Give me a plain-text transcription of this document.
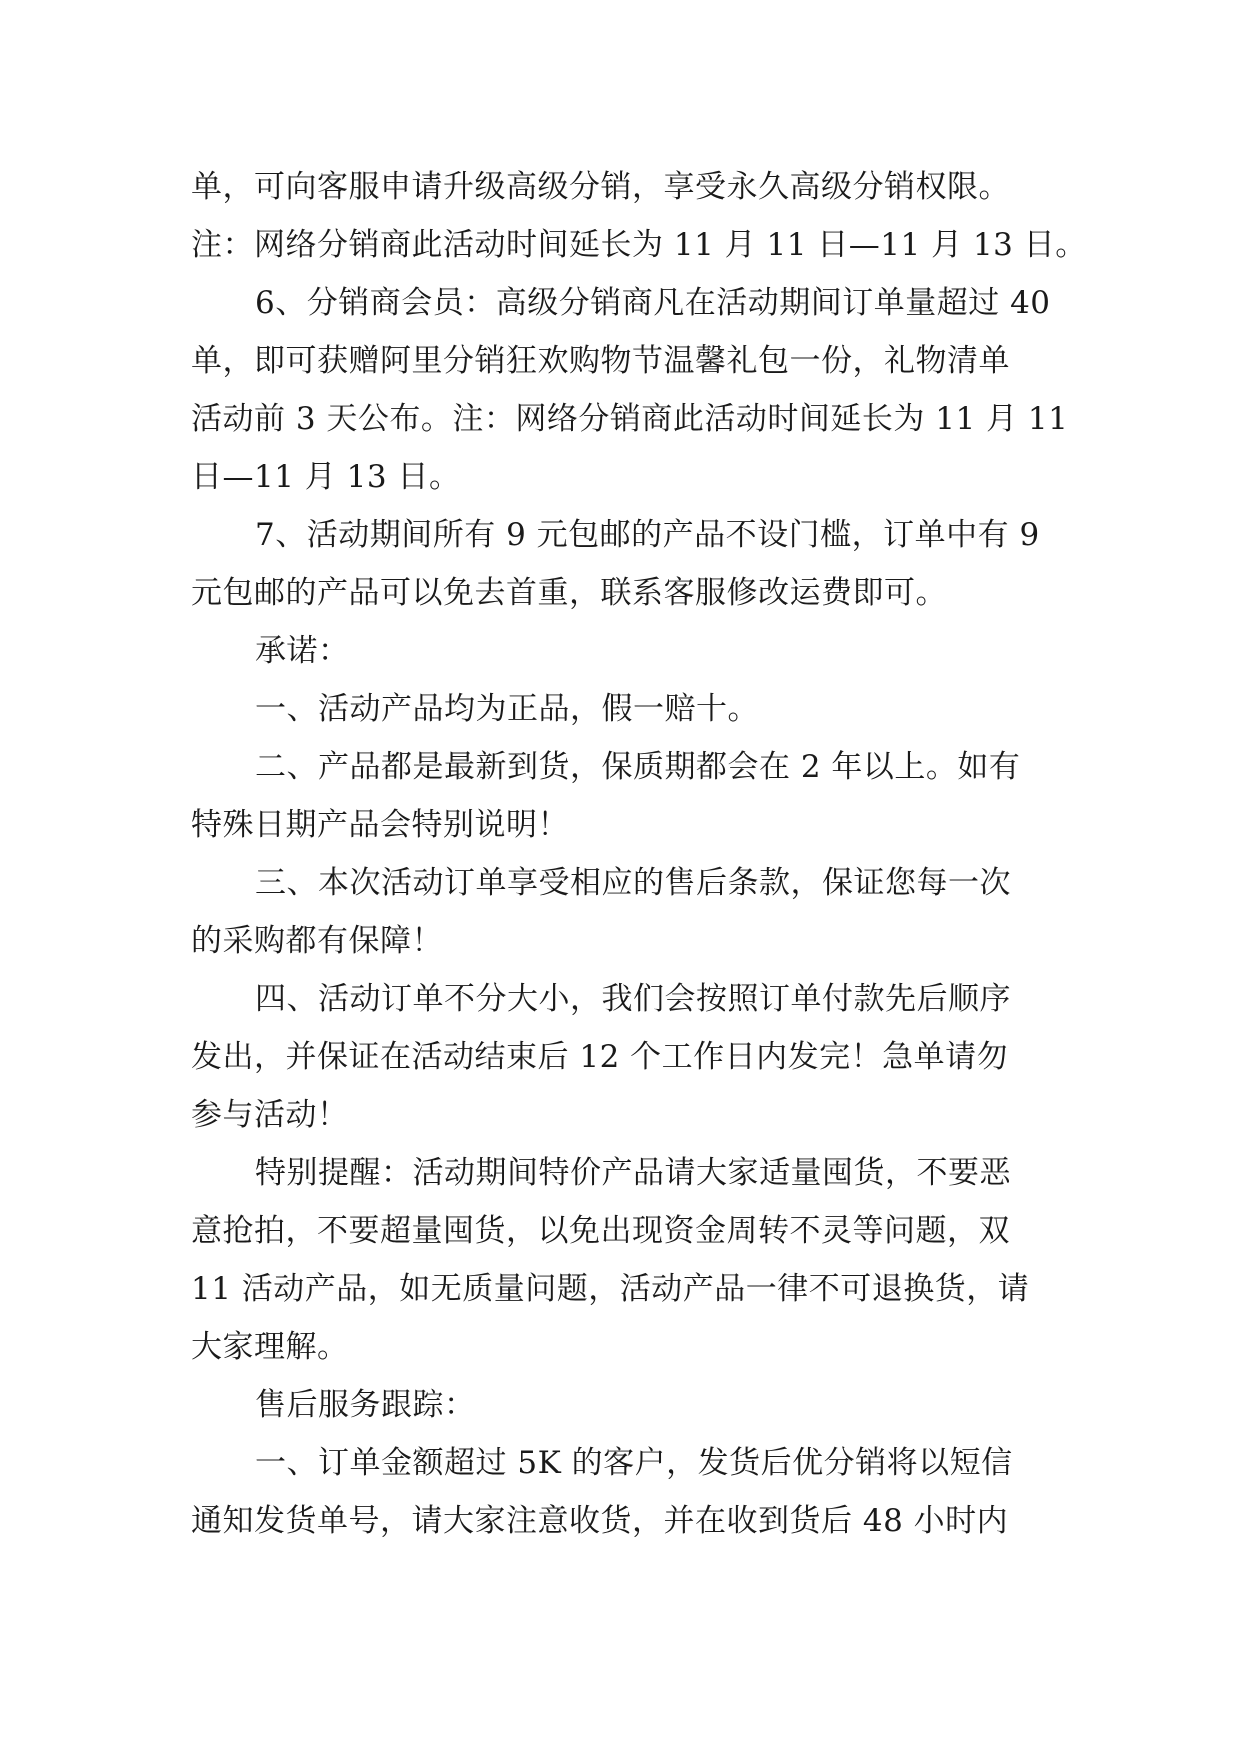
单，可向客服申请升级高级分销，享受永久高级分销权限。
注：网络分销商此活动时间延长为 11 月 11 日—11 月 13 日。
6、分销商会员：高级分销商凡在活动期间订单量超过 40
单，即可获赠阿里分销狂欢购物节温馨礼包一份，礼物清单
活动前 3 天公布。注：网络分销商此活动时间延长为 11 月 11
日—11 月 13 日。
7、活动期间所有 9 元包邮的产品不设门槛，订单中有 9
元包邮的产品可以免去首重，联系客服修改运费即可。
承诺：
一、活动产品均为正品，假一赔十。
二、产品都是最新到货，保质期都会在 2 年以上。如有
特殊日期产品会特别说明！
三、本次活动订单享受相应的售后条款，保证您每一次
的采购都有保障！
四、活动订单不分大小，我们会按照订单付款先后顺序
发出，并保证在活动结束后 12 个工作日内发完！急单请勿
参与活动！
特别提醒：活动期间特价产品请大家适量囤货，不要恶
意抢拍，不要超量囤货，以免出现资金周转不灵等问题，双
11 活动产品，如无质量问题，活动产品一律不可退换货，请
大家理解。
售后服务跟踪：
一、订单金额超过 5K 的客户，发货后优分销将以短信
通知发货单号，请大家注意收货，并在收到货后 48 小时内
